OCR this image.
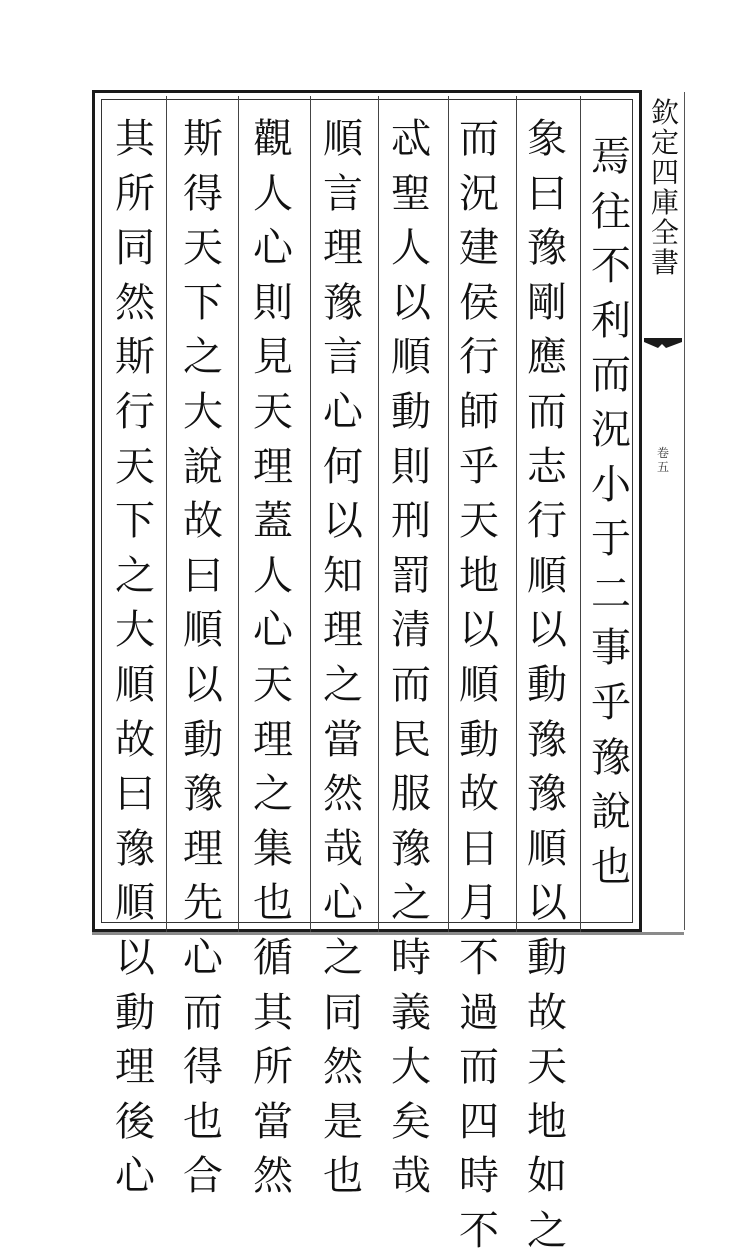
焉
往
不
利
而
況
小
于
二
事
乎
豫
說
也
象
曰
豫
剛
應
而
志
行
順
以
動
豫
豫
順
以
動
故
天
地
如
之
而
況
建
侯
行
師
乎
天
地
以
順
動
故
日
月
不
過
而
四
時
不
忒
聖
人
以
順
動
則
刑
罰
清
而
民
服
豫
之
時
義
大
矣
哉
順
言
理
豫
言
心
何
以
知
理
之
當
然
哉
心
之
同
然
是
也
觀
人
心
則
見
天
理
蓋
人
心
天
理
之
集
也
循
其
所
當
然
斯
得
天
下
之
大
說
故
曰
順
以
動
豫
理
先
心
而
得
也
合
其
所
同
然
斯
行
天
下
之
大
順
故
曰
豫
順
以
動
理
後
心
欽
定
四
庫
全
書
卷
五
